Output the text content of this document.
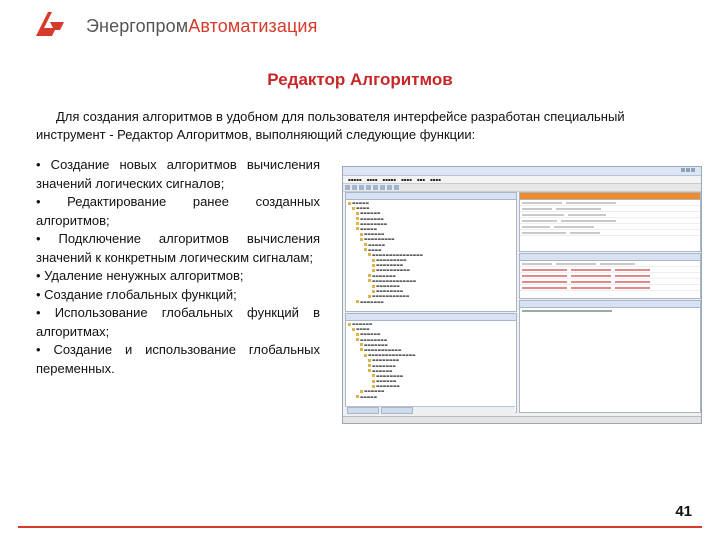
ЭнергопромАвтоматизация
Редактор Алгоритмов
Для создания алгоритмов в удобном для пользователя интерфейсе разработан специальный инструмент - Редактор Алгоритмов, выполняющий следующие функции:

• Создание новых алгоритмов вычисления значений логических сигналов;

• Редактирование ранее созданных алгоритмов;

• Подключение алгоритмов вычисления значений к конкретным логическим сигналам;

• Удаление ненужных алгоритмов;

• Создание глобальных функций;

• Использование глобальных функций в алгоритмах;

• Создание и использование глобальных переменных.

▪▪▪▪▪ ▪▪▪▪ ▪▪▪▪▪ ▪▪▪▪ ▪▪▪ ▪▪▪▪
▬▬▬▬▬
▬▬▬▬
▬▬▬▬▬▬
▬▬▬▬▬▬▬
▬▬▬▬▬▬▬▬
▬▬▬▬▬
▬▬▬▬▬▬
▬▬▬▬▬▬▬▬▬
▬▬▬▬▬
▬▬▬▬
▬▬▬▬▬▬▬▬▬▬▬▬▬▬▬
▬▬▬▬▬▬▬▬▬
▬▬▬▬▬▬▬▬
▬▬▬▬▬▬▬▬▬▬
▬▬▬▬▬▬▬
▬▬▬▬▬▬▬▬▬▬▬▬▬
▬▬▬▬▬▬▬
▬▬▬▬▬▬▬▬
▬▬▬▬▬▬▬▬▬▬▬
▬▬▬▬▬▬▬
▬▬▬▬▬▬
▬▬▬▬
▬▬▬▬▬▬
▬▬▬▬▬▬▬▬
▬▬▬▬▬▬▬
▬▬▬▬▬▬▬▬▬▬▬
▬▬▬▬▬▬▬▬▬▬▬▬▬▬
▬▬▬▬▬▬▬▬
▬▬▬▬▬▬▬
▬▬▬▬▬▬
▬▬▬▬▬▬▬▬
▬▬▬▬▬▬
▬▬▬▬▬▬▬
▬▬▬▬▬▬
▬▬▬▬▬
41
